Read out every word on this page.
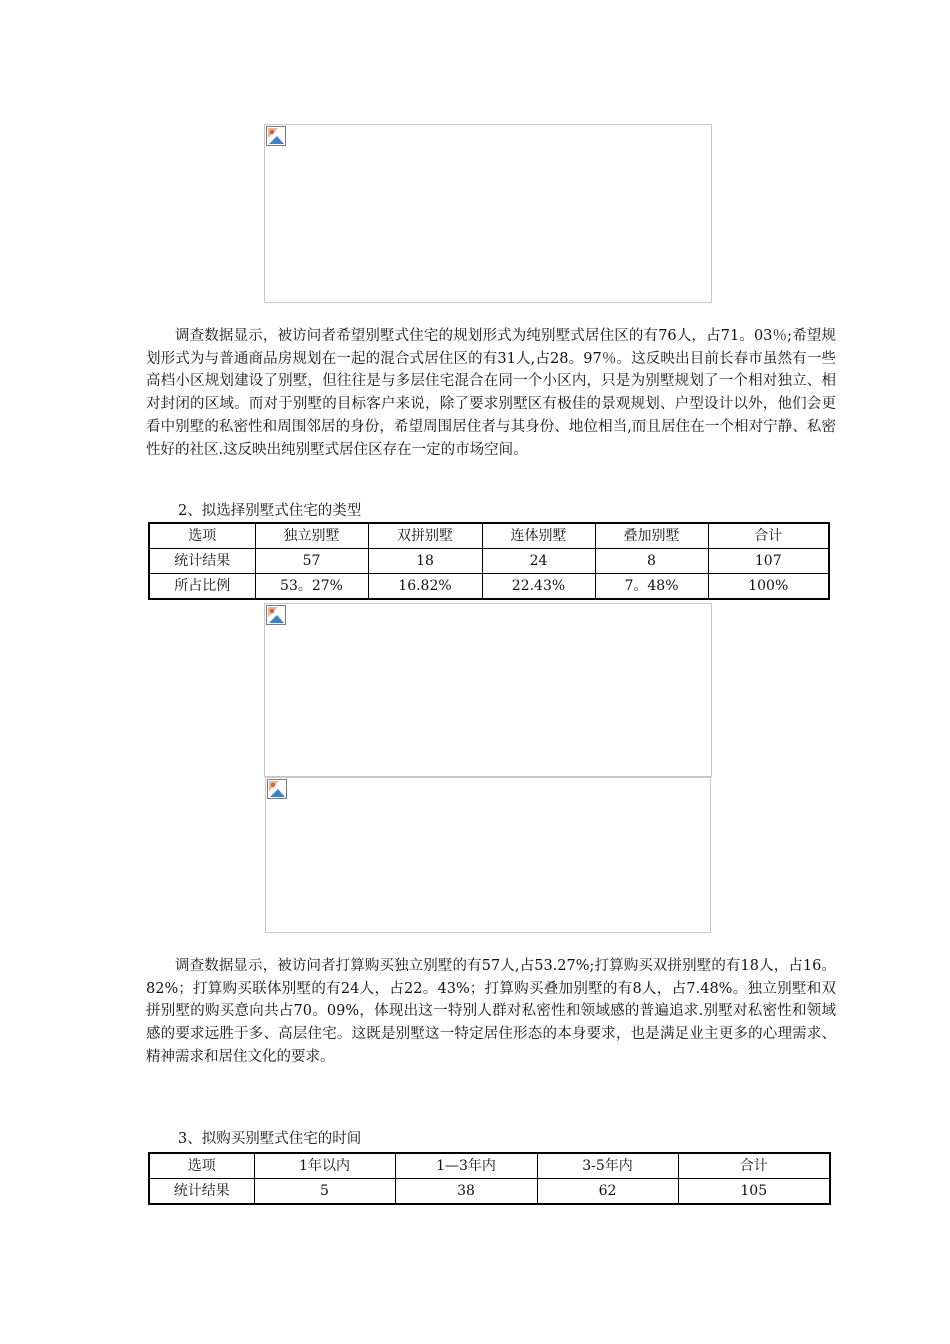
调查数据显示，被访问者希望别墅式住宅的规划形式为纯别墅式居住区的有76人，占71。03％;希望规划形式为与普通商品房规划在一起的混合式居住区的有31人,占28。97％。这反映出目前长春市虽然有一些高档小区规划建设了别墅，但往往是与多层住宅混合在同一个小区内，只是为别墅规划了一个相对独立、相对封闭的区域。而对于别墅的目标客户来说，除了要求别墅区有极佳的景观规划、户型设计以外，他们会更看中别墅的私密性和周围邻居的身份，希望周围居住者与其身份、地位相当,而且居住在一个相对宁静、私密性好的社区.这反映出纯别墅式居住区存在一定的市场空间。

2、拟选择别墅式住宅的类型

选项	独立别墅	双拼别墅	连体别墅	叠加别墅	合计
统计结果	57	18	24	8	107
所占比例	53。27%	16.82%	22.43%	7。48%	100%

调查数据显示，被访问者打算购买独立别墅的有57人,占53.27%;打算购买双拼别墅的有18人，占16。82%；打算购买联体别墅的有24人，占22。43%；打算购买叠加别墅的有8人，占7.48%。独立别墅和双拼别墅的购买意向共占70。09%，体现出这一特别人群对私密性和领域感的普遍追求.别墅对私密性和领域感的要求远胜于多、高层住宅。这既是别墅这一特定居住形态的本身要求，也是满足业主更多的心理需求、精神需求和居住文化的要求。

3、拟购买别墅式住宅的时间

选项	1年以内	1—3年内	3-5年内	合计
统计结果	5	38	62	105
